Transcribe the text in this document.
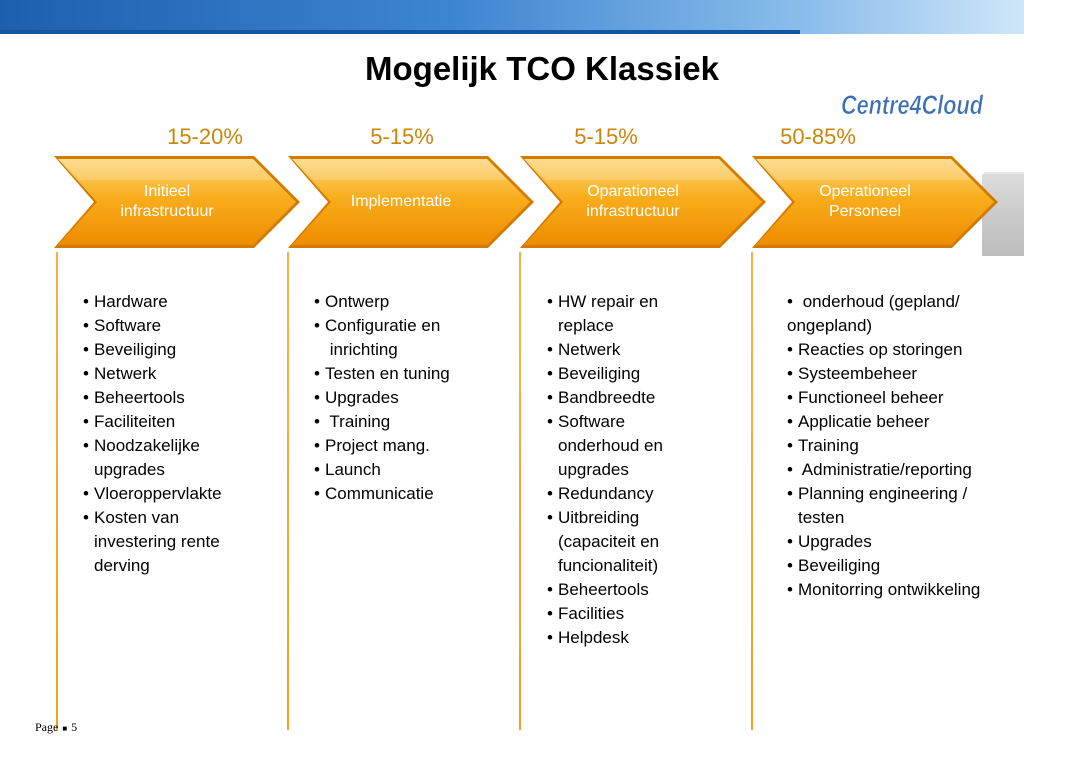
Mogelijk TCO Klassiek
Centre4Cloud
15-20%	5-15%	5-15%	50-85%
Initieel
infrastructuur
Implementatie
Oparationeel
infrastructuur
Operationeel
Personeel
• Hardware
• Software
• Beveiliging
• Netwerk
• Beheertools
• Faciliteiten
• Noodzakelijke
upgrades
• Vloeroppervlakte
• Kosten van
investering rente
derving
• Ontwerp
• Configuratie en
inrichting
• Testen en tuning
• Upgrades
•  Training
• Project mang.
• Launch
• Communicatie
• HW repair en
replace
• Netwerk
• Beveiliging
• Bandbreedte
• Software
onderhoud en
upgrades
• Redundancy
• Uitbreiding
(capaciteit en
funcionaliteit)
• Beheertools
• Facilities
• Helpdesk
•  onderhoud (gepland/
ongepland)
• Reacties op storingen
• Systeembeheer
• Functioneel beheer
• Applicatie beheer
• Training
•  Administratie/reporting
• Planning engineering /
testen
• Upgrades
• Beveiliging
• Monitorring ontwikkeling
Page ■ 5
